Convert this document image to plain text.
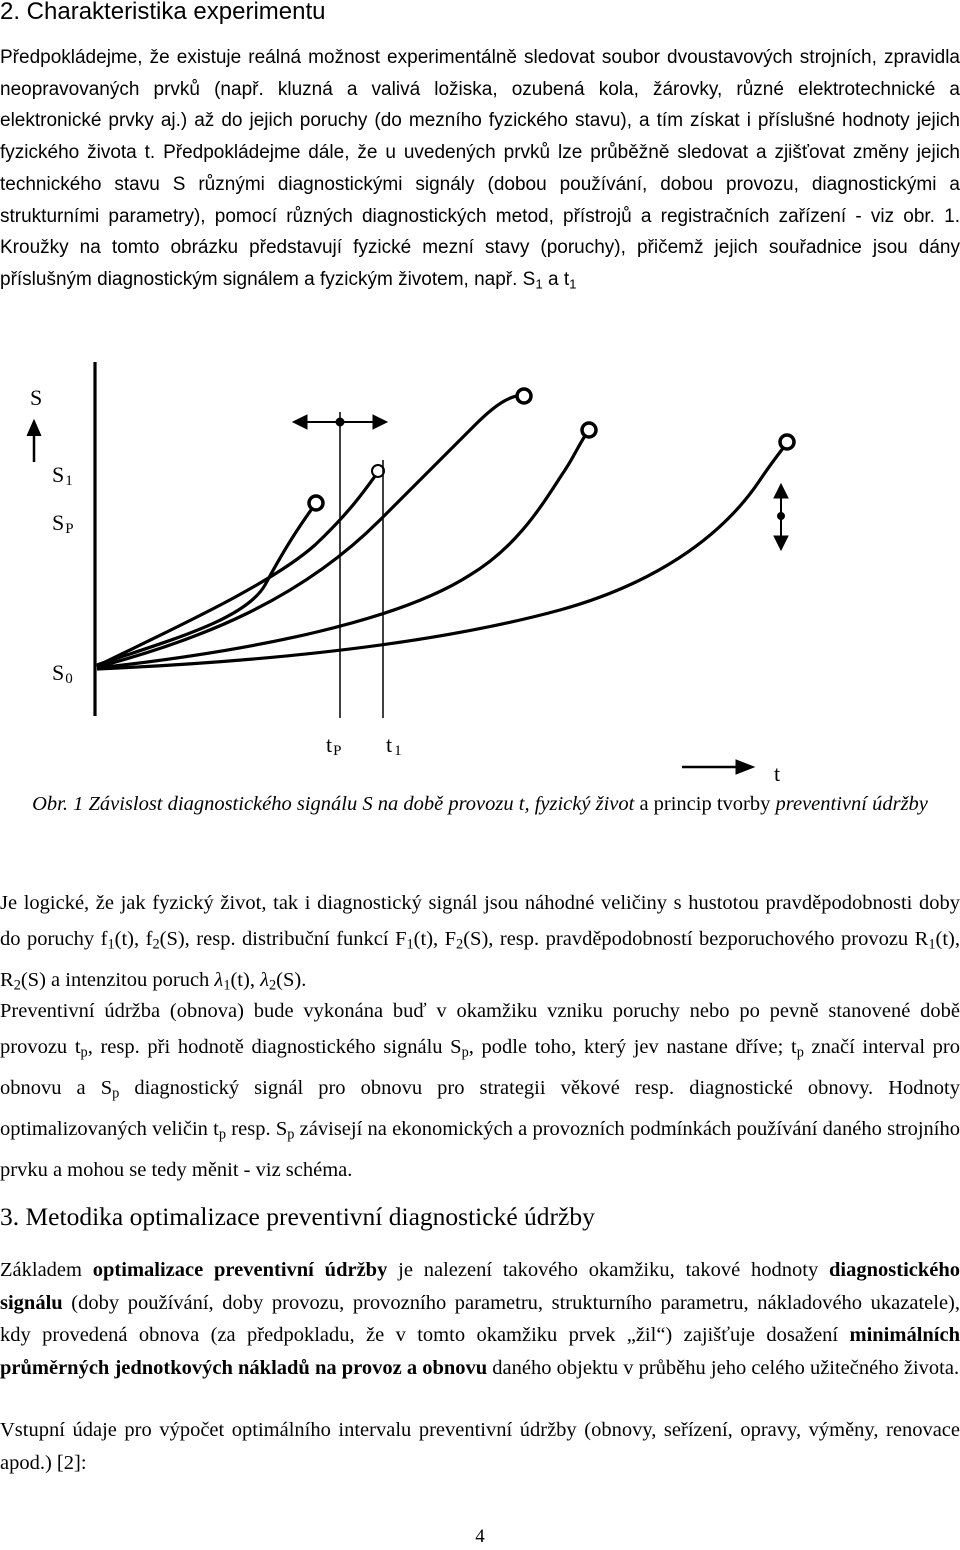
2. Charakteristika experimentu

Předpokládejme, že existuje reálná možnost experimentálně sledovat soubor dvoustavových strojních, zpravidla neopravovaných prvků (např. kluzná a valivá ložiska, ozubená kola, žárovky, různé elektrotechnické a elektronické prvky aj.) až do jejich poruchy (do mezního fyzického stavu), a tím získat i příslušné hodnoty jejich fyzického života t. Předpokládejme dále, že u uvedených prvků lze průběžně sledovat a zjišťovat změny jejich technického stavu S různými diagnostickými signály (dobou používání, dobou provozu, diagnostickými a strukturními parametry), pomocí různých diagnostických metod, přístrojů a registračních zařízení - viz obr. 1. Kroužky na tomto obrázku představují fyzické mezní stavy (poruchy), přičemž jejich souřadnice jsou dány příslušným diagnostickým signálem a fyzickým životem, např. $S_1$ a $t_1$

S
S1
SP
S0
tP t 1
t

Obr. 1 Závislost diagnostického signálu S na době provozu t, fyzický život a princip tvorby preventivní údržby

Je logické, že jak fyzický život, tak i diagnostický signál jsou náhodné veličiny s hustotou pravděpodobnosti doby do poruchy $f_1(t)$, $f_2(S)$, resp. distribuční funkcí $F_1(t)$, $F_2(S)$, resp. pravděpodobností bezporuchového provozu $R_1(t)$, $R_2(S)$ a intenzitou poruch $\lambda_1(t)$, $\lambda_2(S)$.

Preventivní údržba (obnova) bude vykonána buď v okamžiku vzniku poruchy nebo po pevně stanovené době provozu $t_p$, resp. při hodnotě diagnostického signálu $S_p$, podle toho, který jev nastane dříve; $t_p$ značí interval pro obnovu a $S_p$ diagnostický signál pro obnovu pro strategii věkové resp. diagnostické obnovy. Hodnoty optimalizovaných veličin $t_p$ resp. $S_p$ závisejí na ekonomických a provozních podmínkách používání daného strojního prvku a mohou se tedy měnit - viz schéma.

3. Metodika optimalizace preventivní diagnostické údržby

Základem optimalizace preventivní údržby je nalezení takového okamžiku, takové hodnoty diagnostického signálu (doby používání, doby provozu, provozního parametru, strukturního parametru, nákladového ukazatele), kdy provedená obnova (za předpokladu, že v tomto okamžiku prvek „žil“) zajišťuje dosažení minimálních průměrných jednotkových nákladů na provoz a obnovu daného objektu v průběhu jeho celého užitečného života.

Vstupní údaje pro výpočet optimálního intervalu preventivní údržby (obnovy, seřízení, opravy, výměny, renovace apod.) [2]:

4
